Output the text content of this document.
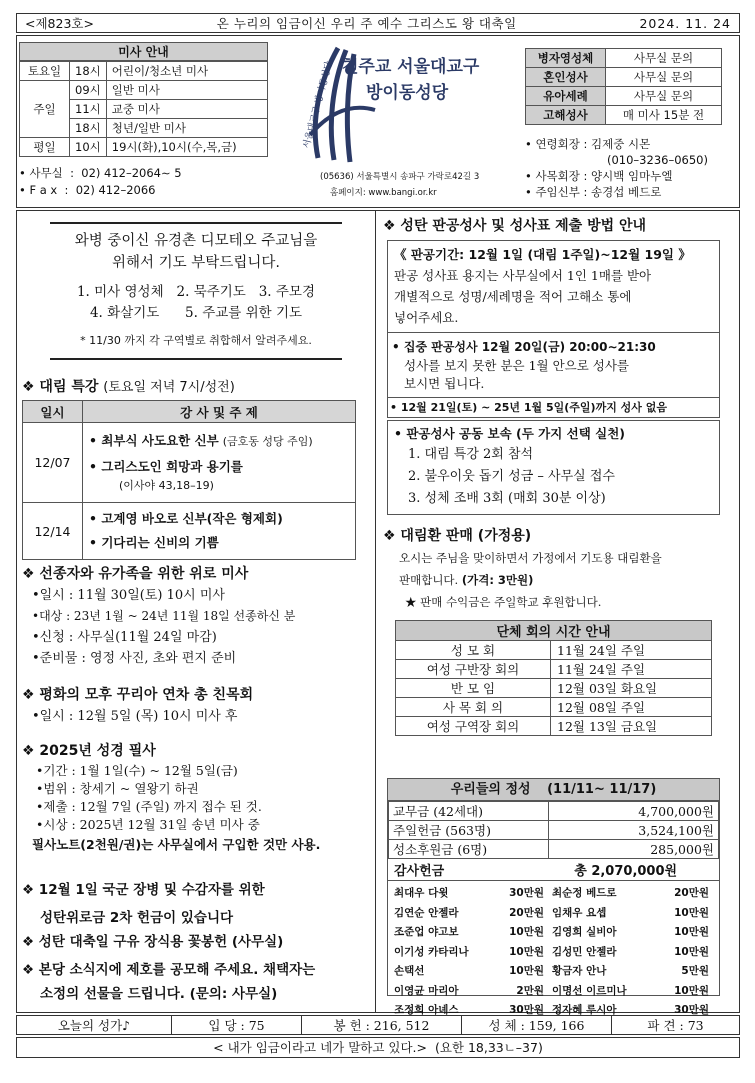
<제823호>	온 누리의 임금이신 우리 주 예수 그리스도 왕 대축일	2024. 11. 24
미사 안내
토요일	18시	어린이/청소년 미사
주일	09시	일반 미사
	11시	교중 미사
	18시	청년/일반 미사
평일	10시	19시(화),10시(수,목,금)
• 사무실  :  02) 412–2064∼ 5
• F a x  :  02) 412–2066
서울대교구 방이동성당 천주교 서울대교구
방이동성당
(05636) 서울특별시 송파구 가락로42길 3
홈페이지: www.bangi.or.kr
병자영성체	사무실 문의
혼인성사	사무실 문의
유아세례	사무실 문의
고해성사	매 미사 15분 전
• 연령회장 : 김제중 시몬
(010–3236–0650)
• 사목회장 : 양시백 임마누엘
• 주임신부 : 송경섭 베드로
와병 중이신 유경촌 디모테오 주교님을
위해서 기도 부탁드립니다.
1. 미사 영성체   2. 묵주기도   3. 주모경
4. 화살기도      5. 주교를 위한 기도
* 11/30 까지 각 구역별로 취합해서 알려주세요.
❖ 대림 특강 (토요일 저녁 7시/성전)
일시	강 사 및 주 제
12/07	• 최부식 사도요한 신부 (금호동 성당 주임)
• 그리스도인 희망과 용기를
(이사야 43,18–19)

12/14	• 고계영 바오로 신부(작은 형제회)
• 기다리는 신비의 기쁨
❖ 선종자와 유가족을 위한 위로 미사
•일시 : 11월 30일(토) 10시 미사
•대상 : 23년 1월 ~ 24년 11월 18일 선종하신 분
•신청 : 사무실(11월 24일 마감)
•준비물 : 영정 사진, 초와 편지 준비
❖ 평화의 모후 꾸리아 연차 총 친목회
•일시 : 12월 5일 (목) 10시 미사 후
❖ 2025년 성경 필사
•기간 : 1월 1일(수) ~ 12월 5일(금)
•범위 : 창세기 ~ 열왕기 하권
•제출 : 12월 7일 (주일) 까지 접수 된 것.
•시상 : 2025년 12월 31일 송년 미사 중
필사노트(2천원/권)는 사무실에서 구입한 것만 사용.
❖ 12월 1일 국군 장병 및 수감자를 위한
성탄위로금 2차 헌금이 있습니다
❖ 성탄 대축일 구유 장식용 꽃봉헌 (사무실)
❖ 본당 소식지에 제호를 공모해 주세요. 채택자는
소정의 선물을 드립니다. (문의: 사무실)
❖ 성탄 판공성사 및 성사표 제출 방법 안내
《 판공기간: 12월 1일 (대림 1주일)~12월 19일 》
판공 성사표 용지는 사무실에서 1인 1매를 받아
개별적으로 성명/세례명을 적어 고해소 통에
넣어주세요.
• 집중 판공성사 12월 20일(금) 20:00∼21:30
성사를 보지 못한 분은 1월 안으로 성사를
보시면 됩니다.
• 12월 21일(토) ~ 25년 1월 5일(주일)까지 성사 없음
• 판공성사 공동 보속 (두 가지 선택 실천)
1. 대림 특강 2회 참석
2. 불우이웃 돕기 성금 – 사무실 접수
3. 성체 조배 3회 (매회 30분 이상)
❖ 대림환 판매 (가정용)
오시는 주님을 맞이하면서 가정에서 기도용 대림환을
판매합니다. (가격: 3만원)
★ 판매 수익금은 주일학교 후원합니다.
단체 회의 시간 안내	
성 모 회	11월 24일 주일
여성 구반장 회의	11월 24일 주일
반 모 임	12월 03일 화요일
사 목 회 의	12월 08일 주일
여성 구역장 회의	12월 13일 금요일
우리들의 정성 (11/11~ 11/17)
교무금 (42세대)	4,700,000원
주일헌금 (563명)	3,524,100원
성소후원금 (6명)	285,000원
감사헌금	총 2,070,000원
최대우 다윗	30만원 최순정 베드로	20만원
김연순 안젤라	20만원 임채우 요셉	10만원
조준업 야고보	10만원 김영희 실비아	10만원
이기성 카타리나	10만원 김성민 안젤라	10만원
손택선	10만원 황금자 안나	5만원
이영균 마리아	2만원 이명선 이르미나	10만원
조정희 아녜스	30만원 정자혜 루시아	30만원
오늘의 성가♪	입 당 : 75	봉 헌 : 216, 512	성 체 : 159, 166	파 견 : 73
< 내가 임금이라고 네가 말하고 있다.>  (요한 18,33ㄴ–37)
